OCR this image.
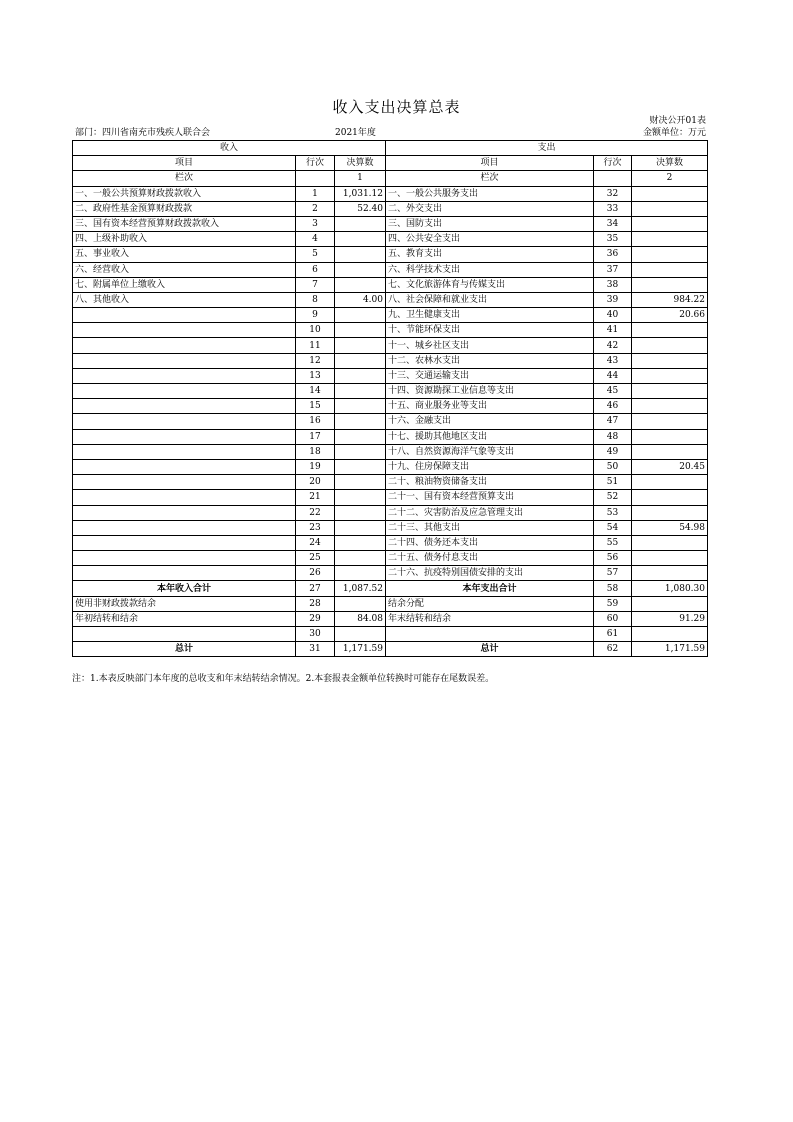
收入支出决算总表
财决公开01表
部门：四川省南充市残疾人联合会	2021年度	金额单位：万元
收入			支出		
项目	行次	决算数	项目	行次	决算数
栏次		1	栏次		2
一、一般公共预算财政拨款收入	1	1,031.12	一、一般公共服务支出	32	
二、政府性基金预算财政拨款	2	52.40	二、外交支出	33	
三、国有资本经营预算财政拨款收入	3		三、国防支出	34	
四、上级补助收入	4		四、公共安全支出	35	
五、事业收入	5		五、教育支出	36	
六、经营收入	6		六、科学技术支出	37	
七、附属单位上缴收入	7		七、文化旅游体育与传媒支出	38	
八、其他收入	8	4.00	八、社会保障和就业支出	39	984.22
	9		九、卫生健康支出	40	20.66
	10		十、节能环保支出	41	
	11		十一、城乡社区支出	42	
	12		十二、农林水支出	43	
	13		十三、交通运输支出	44	
	14		十四、资源勘探工业信息等支出	45	
	15		十五、商业服务业等支出	46	
	16		十六、金融支出	47	
	17		十七、援助其他地区支出	48	
	18		十八、自然资源海洋气象等支出	49	
	19		十九、住房保障支出	50	20.45
	20		二十、粮油物资储备支出	51	
	21		二十一、国有资本经营预算支出	52	
	22		二十二、灾害防治及应急管理支出	53	
	23		二十三、其他支出	54	54.98
	24		二十四、债务还本支出	55	
	25		二十五、债务付息支出	56	
	26		二十六、抗疫特别国债安排的支出	57	
本年收入合计	27	1,087.52	本年支出合计	58	1,080.30
使用非财政拨款结余	28		结余分配	59	
年初结转和结余	29	84.08	年末结转和结余	60	91.29
	30			61	
总计	31	1,171.59	总计	62	1,171.59
注：1.本表反映部门本年度的总收支和年末结转结余情况。2.本套报表金额单位转换时可能存在尾数误差。
